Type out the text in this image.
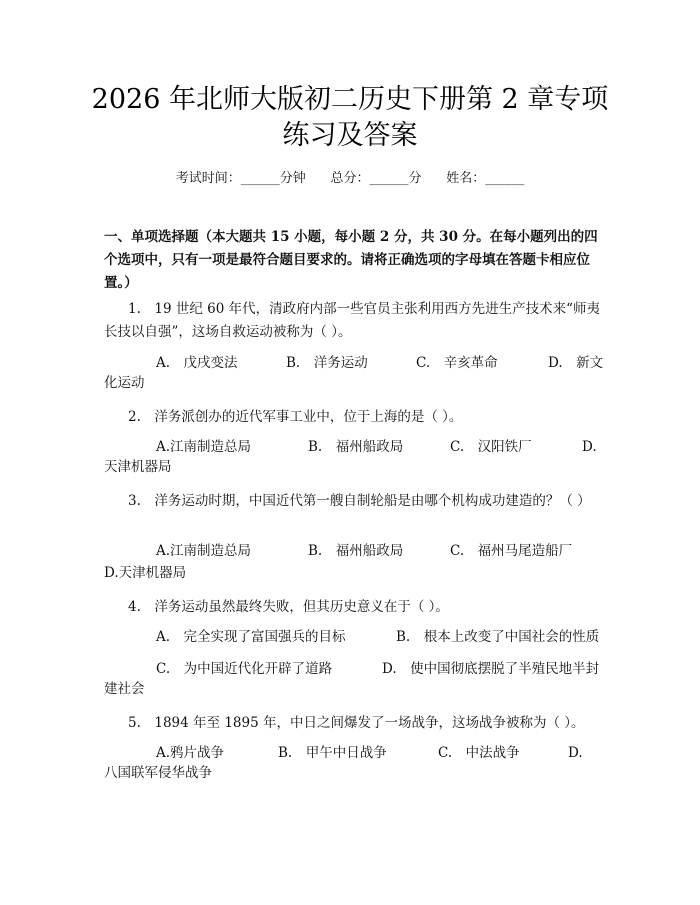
2026 年北师大版初二历史下册第 2 章专项练习及答案
考试时间：______分钟      总分：______分      姓名：______
一、单项选择题（本大题共 15 小题，每小题 2 分，共 30 分。在每小题列出的四个选项中，只有一项是最符合题目要求的。请将正确选项的字母填在答题卡相应位置。）
1.　19 世纪 60 年代，清政府内部一些官员主张利用西方先进生产技术来“师夷长技以自强”，这场自救运动被称为（ ）。
A.　戊戌变法	B.　洋务运动	C.　辛亥革命	D.　新文
化运动
2.　洋务派创办的近代军事工业中，位于上海的是（ ）。
A.江南制造总局	B.　福州船政局	C.　汉阳铁厂	D.
天津机器局
3.　洋务运动时期，中国近代第一艘自制轮船是由哪个机构成功建造的？（ ）
A.江南制造总局	B.　福州船政局	C.　福州马尾造船厂
D.天津机器局
4.　洋务运动虽然最终失败，但其历史意义在于（ ）。
A.　完全实现了富国强兵的目标	B.　根本上改变了中国社会的性质
C.　为中国近代化开辟了道路	D.　使中国彻底摆脱了半殖民地半封
建社会
5.　1894 年至 1895 年，中日之间爆发了一场战争，这场战争被称为（ ）。
A.鸦片战争	B.　甲午中日战争	C.　中法战争	D.
八国联军侵华战争
